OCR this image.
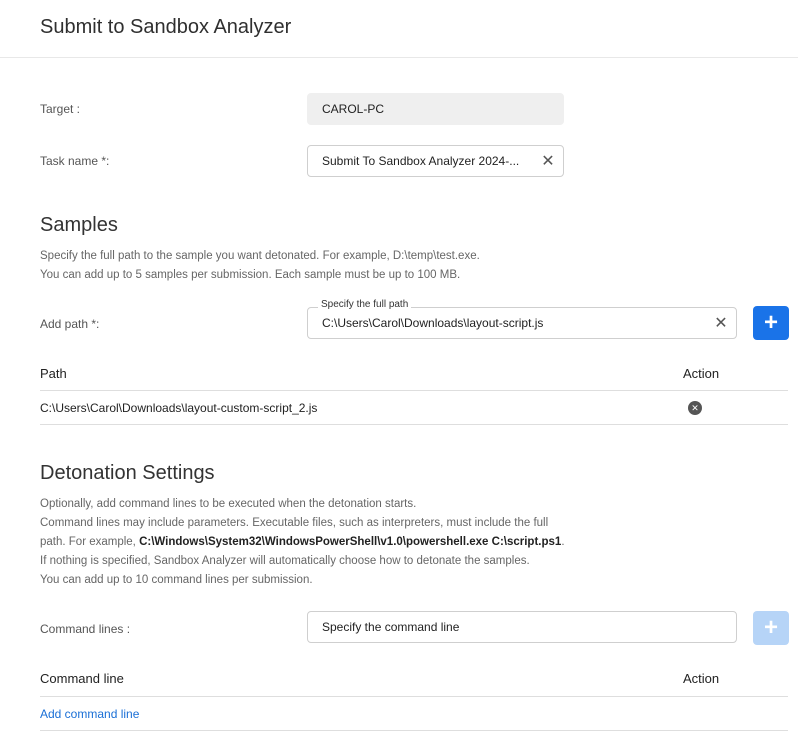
Submit to Sandbox Analyzer
Target :	CAROL-PC
Task name *:	Submit To Sandbox Analyzer 2024-...	✕
Samples
Specify the full path to the sample you want detonated. For example, D:\temp\test.exe.
You can add up to 5 samples per submission. Each sample must be up to 100 MB.
Add path *:	C:\Users\Carol\Downloads\layout-script.js	✕
Specify the full path
+
Path	Action
C:\Users\Carol\Downloads\layout-custom-script_2.js	✕
Detonation Settings
Optionally, add command lines to be executed when the detonation starts.
Command lines may include parameters. Executable files, such as interpreters, must include the full
path. For example, C:\Windows\System32\WindowsPowerShell\v1.0\powershell.exe C:\script.ps1.
If nothing is specified, Sandbox Analyzer will automatically choose how to detonate the samples.
You can add up to 10 command lines per submission.
Command lines :	Specify the command line	+
Command line	Action
Add command line
